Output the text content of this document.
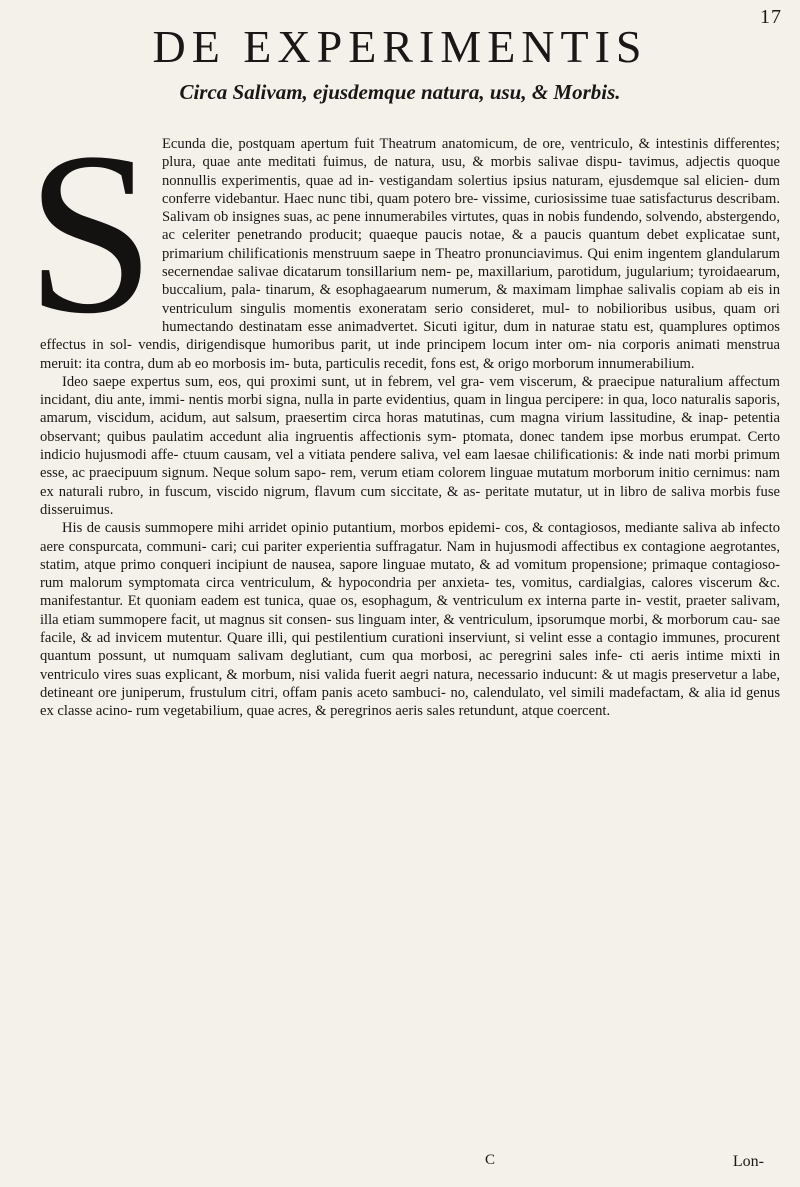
17
DE EXPERIMENTIS
Circa Salivam, ejusdemque natura, usu, & Morbis.
S Ecunda die, postquam apertum fuit Theatrum anatomicum, de ore, ventriculo, & intestinis differentes; plura, quae ante meditati fuimus, de natura, usu, & morbis salivae dispu- tavimus, adjectis quoque nonnullis experimentis, quae ad in- vestigandam solertius ipsius naturam, ejusdemque sal elicien- dum conferre videbantur. Haec nunc tibi, quam potero bre- vissime, curiosissime tuae satisfacturus describam. Salivam ob insignes suas, ac pene innumerabiles virtutes, quas in nobis fundendo, solvendo, abstergendo, ac celeriter penetrando producit; quaeque paucis notae, & a paucis quantum debet explicatae sunt, primarium chilificationis menstruum saepe in Theatro pronunciavimus. Qui enim ingentem glandularum secernendae salivae dicatarum tonsillarium nem- pe, maxillarium, parotidum, jugularium; tyroidaearum, buccalium, pala- tinarum, & esophagaearum numerum, & maximam limphae salivalis copiam ab eis in ventriculum singulis momentis exoneratam serio consideret, mul- to nobilioribus usibus, quam ori humectando destinatam esse animadvertet. Sicuti igitur, dum in naturae statu est, quamplures optimos effectus in sol- vendis, dirigendisque humoribus parit, ut inde principem locum inter om- nia corporis animati menstrua meruit: ita contra, dum ab eo morbosis im- buta, particulis recedit, fons est, & origo morborum innumerabilium.

Ideo saepe expertus sum, eos, qui proximi sunt, ut in febrem, vel gra- vem viscerum, & praecipue naturalium affectum incidant, diu ante, immi- nentis morbi signa, nulla in parte evidentius, quam in lingua percipere: in qua, loco naturalis saporis, amarum, viscidum, acidum, aut salsum, praesertim circa horas matutinas, cum magna virium lassitudine, & inap- petentia observant; quibus paulatim accedunt alia ingruentis affectionis sym- ptomata, donec tandem ipse morbus erumpat. Certo indicio hujusmodi affe- ctuum causam, vel a vitiata pendere saliva, vel eam laesae chilificationis: & inde nati morbi primum esse, ac praecipuum signum. Neque solum sapo- rem, verum etiam colorem linguae mutatum morborum initio cernimus: nam ex naturali rubro, in fuscum, viscido nigrum, flavum cum siccitate, & as- peritate mutatur, ut in libro de saliva morbis fuse disseruimus.

His de causis summopere mihi arridet opinio putantium, morbos epidemi- cos, & contagiosos, mediante saliva ab infecto aere conspurcata, communi- cari; cui pariter experientia suffragatur. Nam in hujusmodi affectibus ex contagione aegrotantes, statim, atque primo conqueri incipiunt de nausea, sapore linguae mutato, & ad vomitum propensione; primaque contagioso- rum malorum symptomata circa ventriculum, & hypocondria per anxieta- tes, vomitus, cardialgias, calores viscerum &c. manifestantur. Et quoniam eadem est tunica, quae os, esophagum, & ventriculum ex interna parte in- vestit, praeter salivam, illa etiam summopere facit, ut magnus sit consen- sus linguam inter, & ventriculum, ipsorumque morbi, & morborum cau- sae facile, & ad invicem mutentur. Quare illi, qui pestilentium curationi inserviunt, si velint esse a contagio immunes, procurent quantum possunt, ut numquam salivam deglutiant, cum qua morbosi, ac peregrini sales infe- cti aeris intime mixti in ventriculo vires suas explicant, & morbum, nisi valida fuerit aegri natura, necessario inducunt: & ut magis preservetur a labe, detineant ore juniperum, frustulum citri, offam panis aceto sambuci- no, calendulato, vel simili madefactam, & alia id genus ex classe acino- rum vegetabilium, quae acres, & peregrinos aeris sales retundunt, atque coercent.

C	Lon-
